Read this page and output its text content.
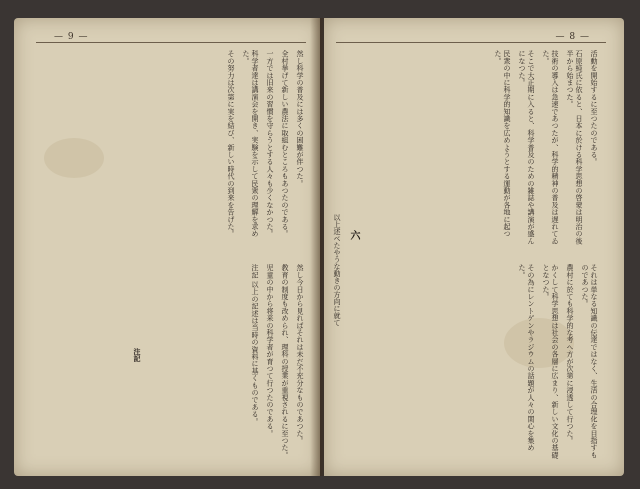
— 9 —

然し科学の普及には多くの困難が伴つた。

全村挙げて新しい農法に取組むところもあつたのである。

一方では旧来の習慣を守らうとする人々も少くなかつた。

科学者達は講演会を開き、実験を示して民衆の理解を求めた。

その努力は次第に実を結び、新しい時代の到来を告げた。

然し今日から見ればそれは未だ不充分なものであつた。

教育の制度も改められ、理科の授業が重視されるに至つた。

児童の中から将来の科学者が育つて行つたのである。

注記 以上の記述は当時の資料に基くものである。

注記
— 8 —

活動を開始するに至つたのである。

石原純氏に依ると、日本に於ける科学思想の啓蒙は明治の後半から始まつた。

技術の導入は急速であつたが、科学的精神の普及は遅れてゐた。

そこで大正期に入ると、科学普及のための雑誌や講演が盛んになつた。

民衆の中に科学的知識を広めようとする運動が各地に起つた。

六
以上述べたやうな動きの方向に就て	それは単なる知識の伝達ではなく、生活の合理化を目指すものであつた。

農村に於ても科学的な考へ方が次第に浸透して行つた。

かくして科学思想は社会の各層に広まり、新しい文化の基礎となつた。

その為にレントゲンやラジウムの話題が人々の関心を集めた。
